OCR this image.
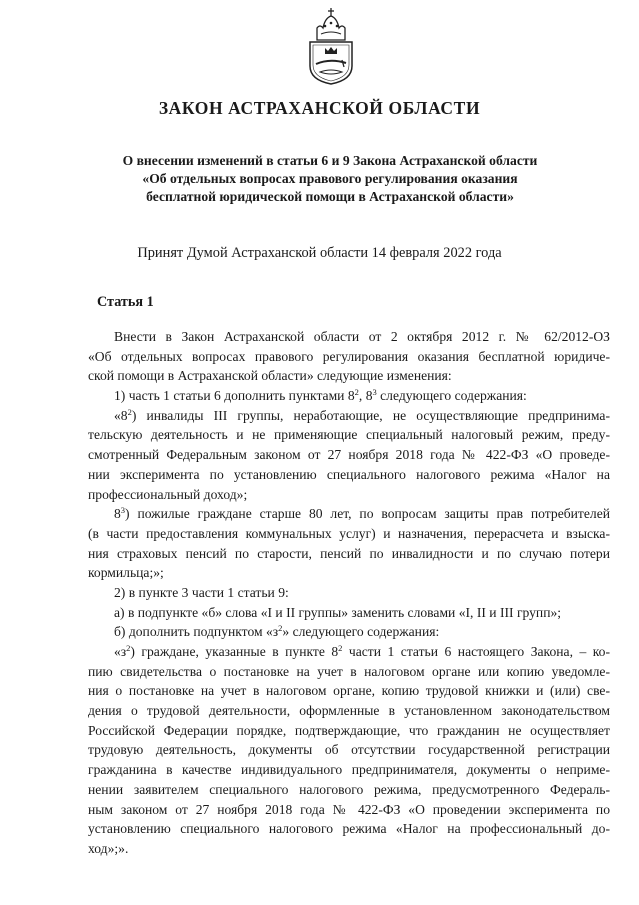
ЗАКОН АСТРАХАНСКОЙ ОБЛАСТИ
О внесении изменений в статьи 6 и 9 Закона Астраханской области
«Об отдельных вопросах правового регулирования оказания
бесплатной юридической помощи в Астраханской области»
Принят Думой Астраханской области 14 февраля 2022 года
Статья 1
Внести в Закон Астраханской области от 2 октября 2012 г. № 62/2012-ОЗ
«Об отдельных вопросах правового регулирования оказания бесплатной юридиче-
ской помощи в Астраханской области» следующие изменения:
1) часть 1 статьи 6 дополнить пунктами $8^2$, $8^3$ следующего содержания:
«$8^2$) инвалиды III группы, неработающие, не осуществляющие предпринима-
тельскую деятельность и не применяющие специальный налоговый режим, преду-
смотренный Федеральным законом от 27 ноября 2018 года № 422-ФЗ «О проведе-
нии эксперимента по установлению специального налогового режима «Налог на
профессиональный доход»;
$8^3$) пожилые граждане старше 80 лет, по вопросам защиты прав потребителей
(в части предоставления коммунальных услуг) и назначения, перерасчета и взыска-
ния страховых пенсий по старости, пенсий по инвалидности и по случаю потери
кормильца;»;
2) в пункте 3 части 1 статьи 9:
а) в подпункте «б» слова «I и II группы» заменить словами «I, II и III групп»;
б) дополнить подпунктом «$з^2$» следующего содержания:
«$з^2$) граждане, указанные в пункте $8^2$ части 1 статьи 6 настоящего Закона, – ко-
пию свидетельства о постановке на учет в налоговом органе или копию уведомле-
ния о постановке на учет в налоговом органе, копию трудовой книжки и (или) све-
дения о трудовой деятельности, оформленные в установленном законодательством
Российской Федерации порядке, подтверждающие, что гражданин не осуществляет
трудовую деятельность, документы об отсутствии государственной регистрации
гражданина в качестве индивидуального предпринимателя, документы о неприме-
нении заявителем специального налогового режима, предусмотренного Федераль-
ным законом от 27 ноября 2018 года № 422-ФЗ «О проведении эксперимента по
установлению специального налогового режима «Налог на профессиональный до-
ход»;».
